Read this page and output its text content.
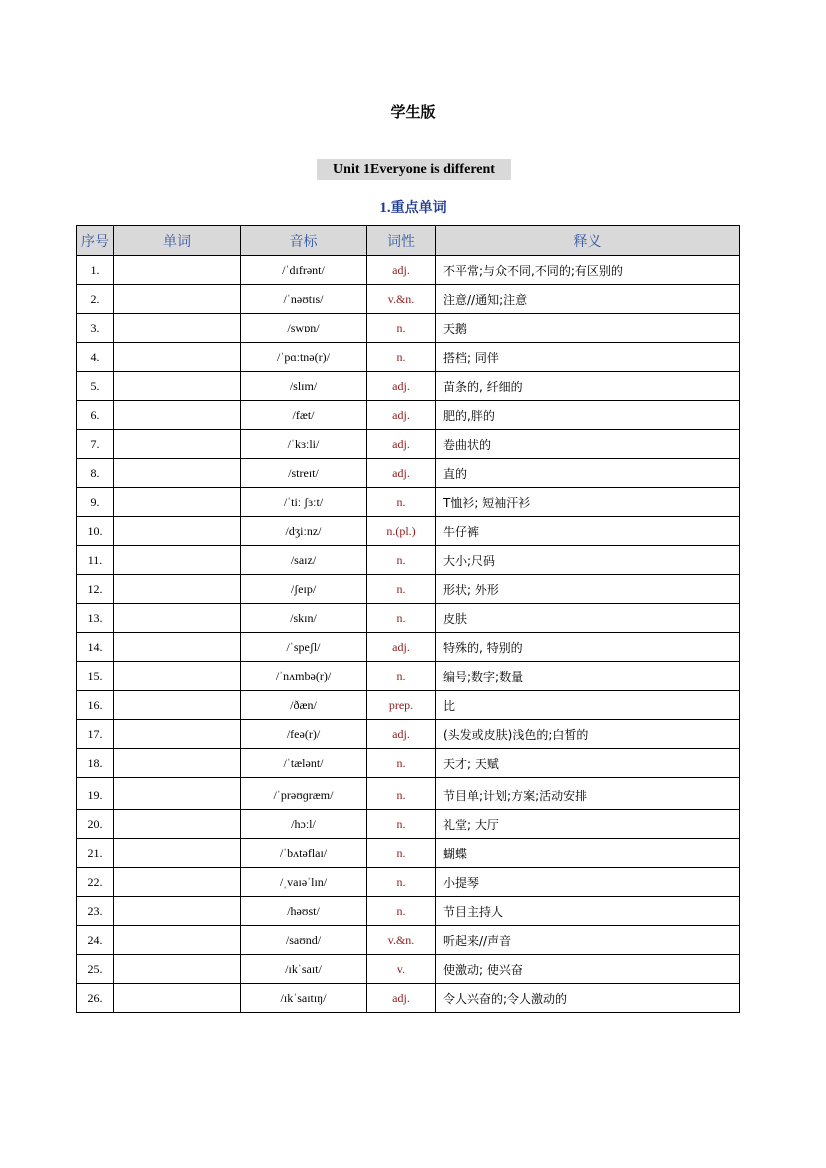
学生版
Unit 1Everyone is different
1.重点单词
序号	单词	音标	词性	释义
1.		/ˈdɪfrənt/	adj.	不平常;与众不同,不同的;有区别的
2.		/ˈnəʊtɪs/	v.&n.	注意//通知;注意
3.		/swɒn/	n.	天鹅
4.		/ˈpɑːtnə(r)/	n.	搭档; 同伴
5.		/slɪm/	adj.	苗条的, 纤细的
6.		/fæt/	adj.	肥的,胖的
7.		/ˈkɜːli/	adj.	卷曲状的
8.		/streɪt/	adj.	直的
9.		/ˈtiː ʃɜːt/	n.	T恤衫; 短袖汗衫
10.		/dʒiːnz/	n.(pl.)	牛仔裤
11.		/saɪz/	n.	大小;尺码
12.		/ʃeɪp/	n.	形状; 外形
13.		/skɪn/	n.	皮肤
14.		/ˈspeʃl/	adj.	特殊的, 特别的
15.		/ˈnʌmbə(r)/	n.	编号;数字;数量
16.		/ðæn/	prep.	比
17.		/feə(r)/	adj.	(头发或皮肤)浅色的;白皙的
18.		/ˈtælənt/	n.	天才; 天赋
19.		/ˈprəʊɡræm/	n.	节目单;计划;方案;活动安排
20.		/hɔːl/	n.	礼堂; 大厅
21.		/ˈbʌtəflaɪ/	n.	蝴蝶
22.		/ˌvaɪəˈlɪn/	n.	小提琴
23.		/həʊst/	n.	节目主持人
24.		/saʊnd/	v.&n.	听起来//声音
25.		/ɪkˈsaɪt/	v.	使激动; 使兴奋
26.		/ɪkˈsaɪtɪŋ/	adj.	令人兴奋的;令人激动的
